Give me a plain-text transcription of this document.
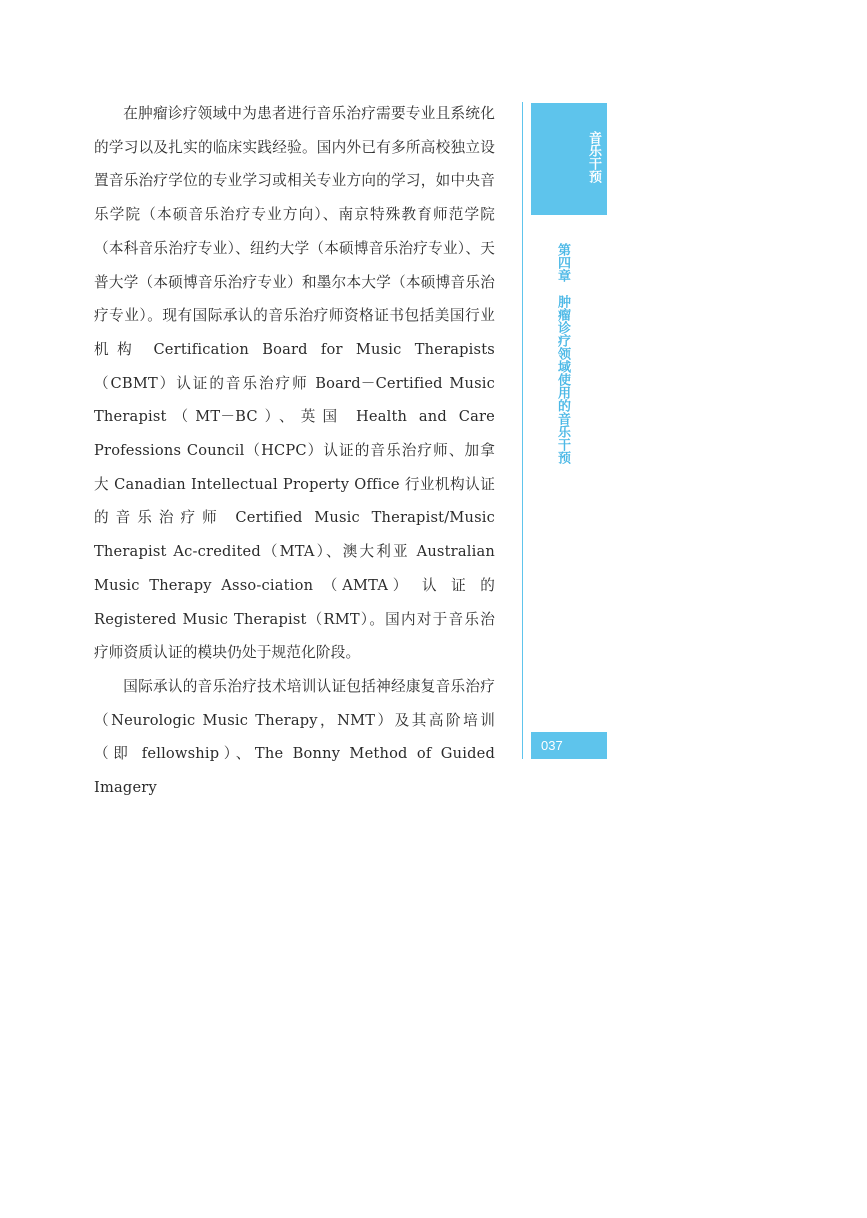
在肿瘤诊疗领域中为患者进行音乐治疗需要专业且系统化的学习以及扎实的临床实践经验。国内外已有多所高校独立设置音乐治疗学位的专业学习或相关专业方向的学习，如中央音乐学院（本硕音乐治疗专业方向）、南京特殊教育师范学院（本科音乐治疗专业）、纽约大学（本硕博音乐治疗专业）、天普大学（本硕博音乐治疗专业）和墨尔本大学（本硕博音乐治疗专业）。现有国际承认的音乐治疗师资格证书包括美国行业机构 Certification Board for Music Therapists（CBMT）认证的音乐治疗师 Board－Certified Music Therapist（MT－BC）、英国 Health and Care Professions Council（HCPC）认证的音乐治疗师、加拿大 Canadian Intellectual Property Office 行业机构认证的音乐治疗师 Certified Music Therapist/Music Therapist Ac-credited（MTA）、澳大利亚 Australian Music Therapy Asso-ciation （AMTA） 认 证 的 Registered Music Therapist（RMT）。国内对于音乐治疗师资质认证的模块仍处于规范化阶段。

国际承认的音乐治疗技术培训认证包括神经康复音乐治疗（Neurologic Music Therapy，NMT）及其高阶培训（即 fellowship）、The Bonny Method of Guided Imagery

音乐干预
第四章　肿瘤诊疗领域使用的音乐干预
037
